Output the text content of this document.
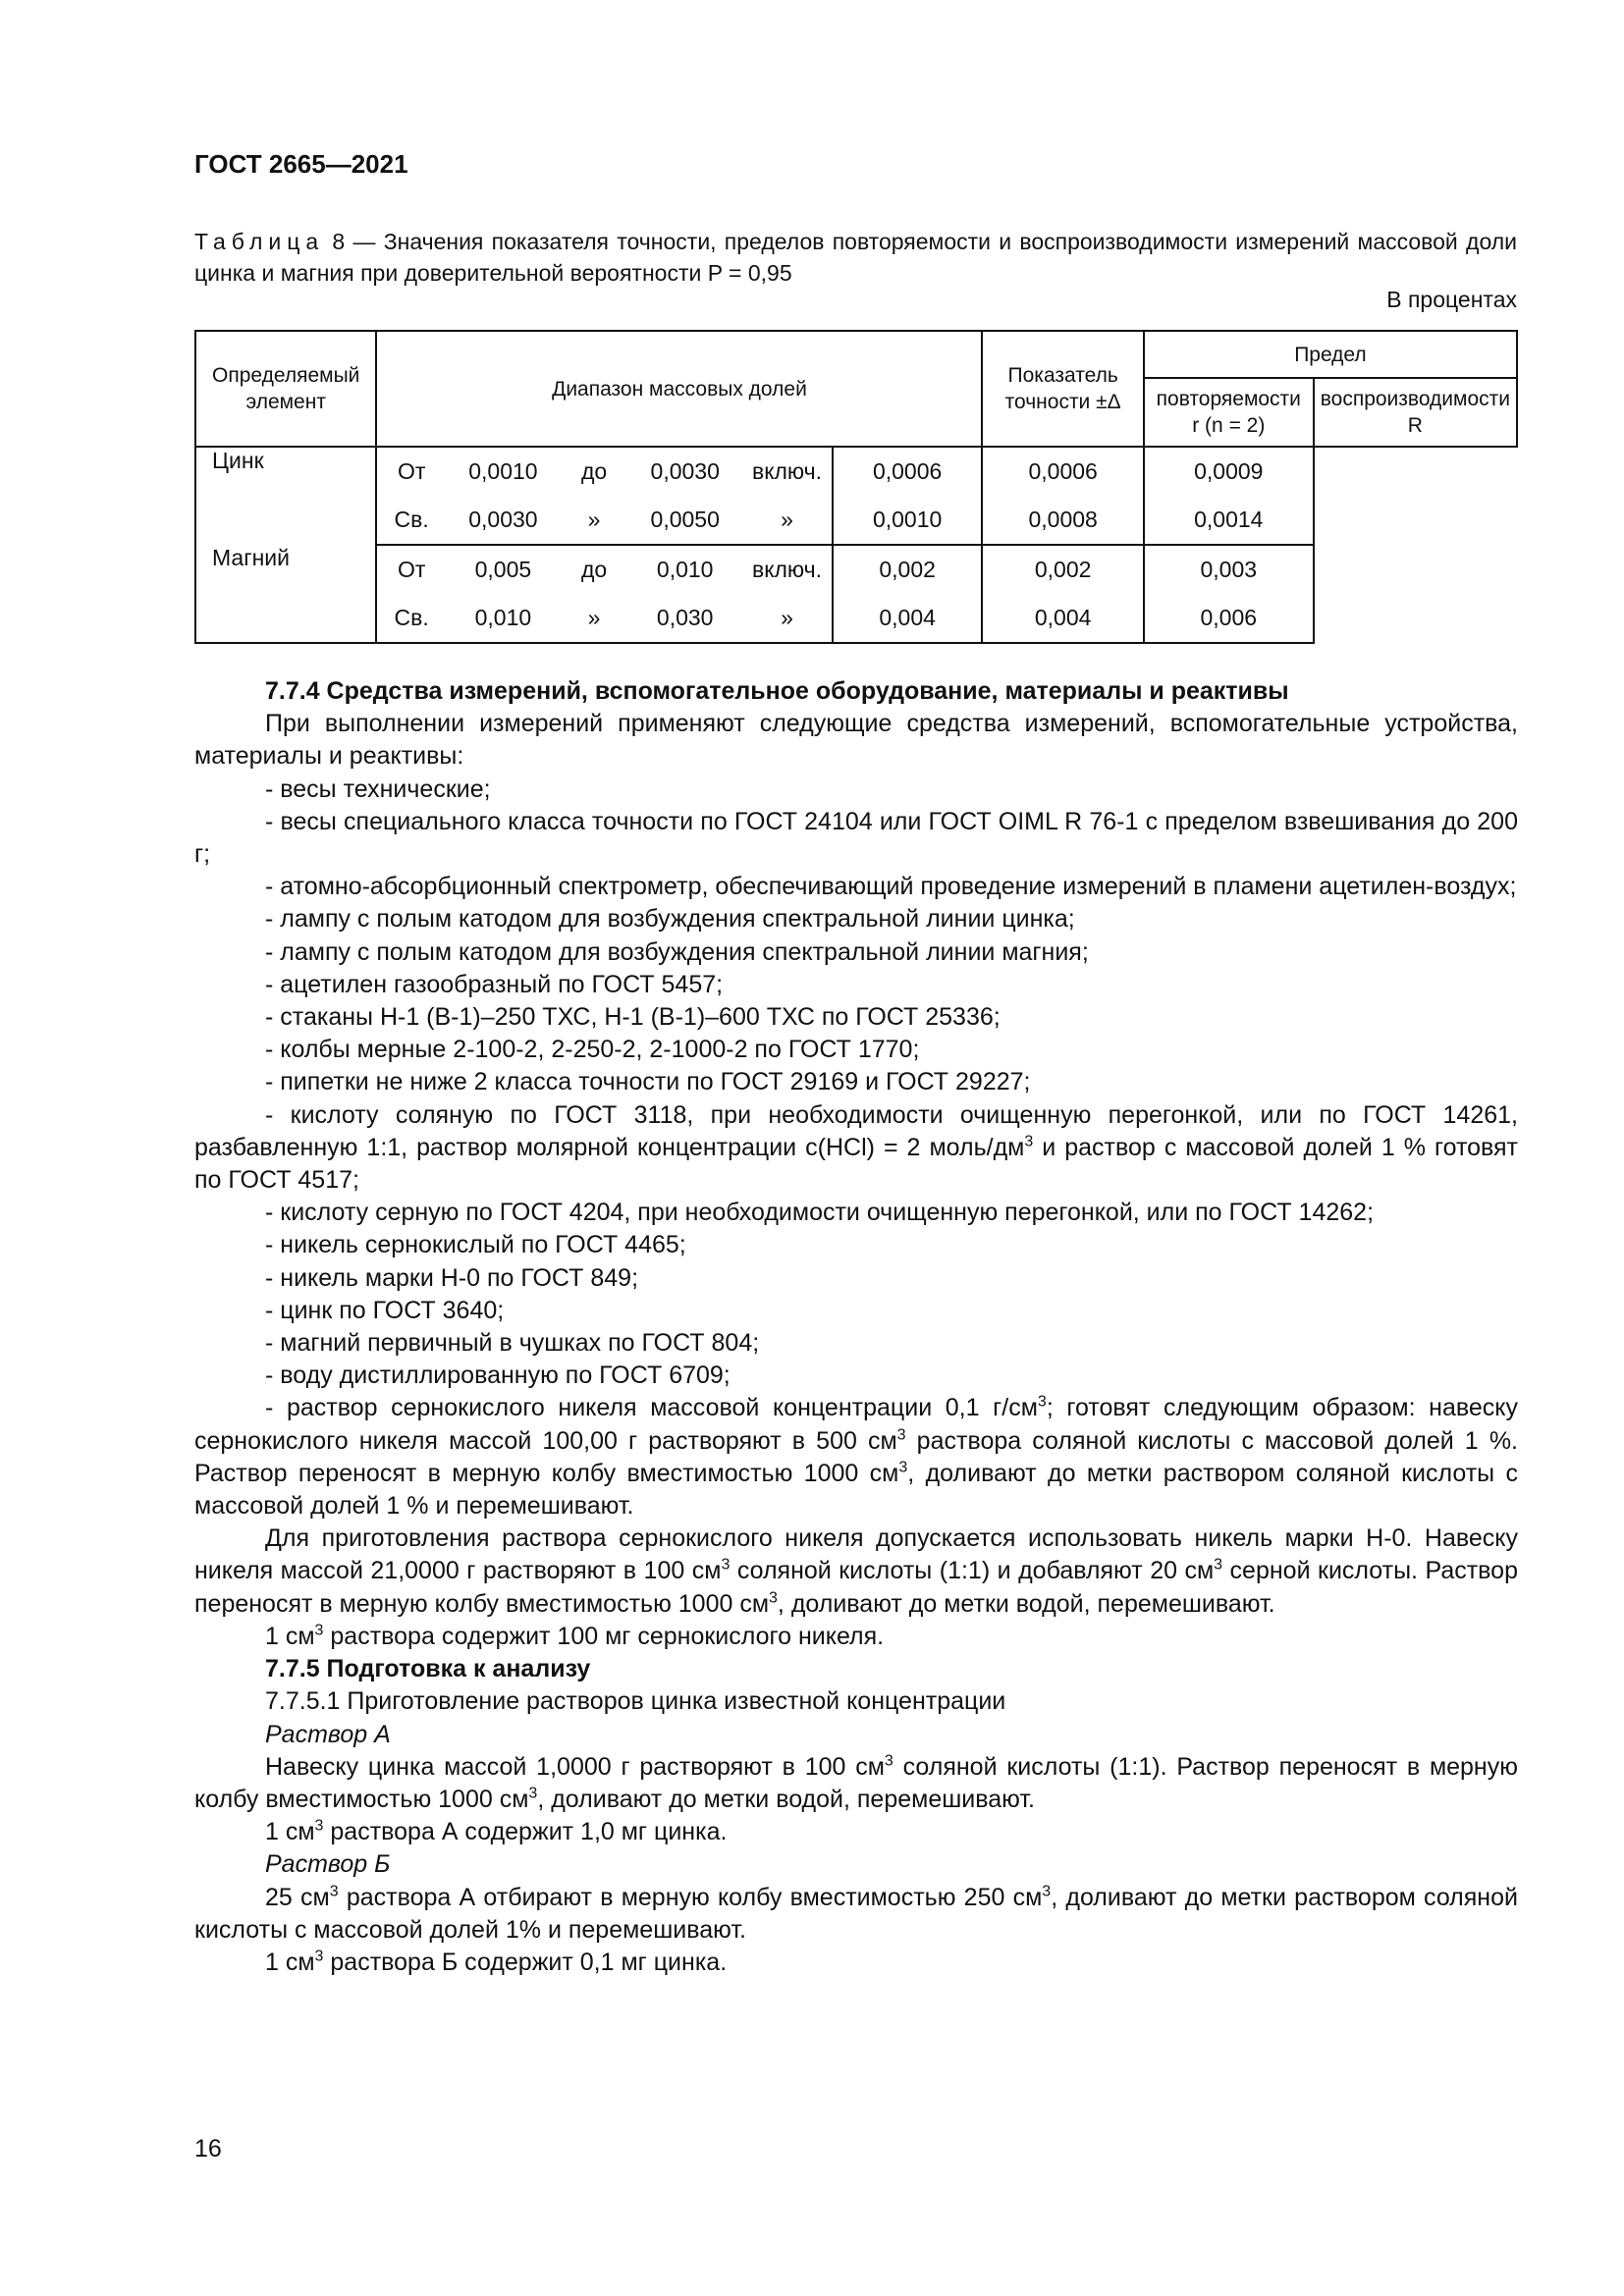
ГОСТ 2665—2021
Таблица 8 — Значения показателя точности, пределов повторяемости и воспроизводимости измерений массовой доли цинка и магния при доверительной вероятности P = 0,95
В процентах
Определяемый элемент	Диапазон массовых долей						Показатель точности ±Δ	Предел	
								повторяемости r (n = 2)	воспроизводимости R
Цинк	От	0,0010	до	0,0030	включ.	0,0006	0,0006	0,0009	
	Св.	0,0030	»	0,0050	»	0,0010	0,0008	0,0014	
Магний	От	0,005	до	0,010	включ.	0,002	0,002	0,003	
	Св.	0,010	»	0,030	»	0,004	0,004	0,006	

7.7.4 Средства измерений, вспомогательное оборудование, материалы и реактивы

При выполнении измерений применяют следующие средства измерений, вспомогательные устройства, материалы и реактивы:

- весы технические;

- весы специального класса точности по ГОСТ 24104 или ГОСТ OIML R 76-1 с пределом взвешивания до 200 г;

- атомно-абсорбционный спектрометр, обеспечивающий проведение измерений в пламени ацетилен-воздух;

- лампу с полым катодом для возбуждения спектральной линии цинка;

- лампу с полым катодом для возбуждения спектральной линии магния;

- ацетилен газообразный по ГОСТ 5457;

- стаканы Н-1 (В-1)–250 ТХС, Н-1 (В-1)–600 ТХС по ГОСТ 25336;

- колбы мерные 2-100-2, 2-250-2, 2-1000-2 по ГОСТ 1770;

- пипетки не ниже 2 класса точности по ГОСТ 29169 и ГОСТ 29227;

- кислоту соляную по ГОСТ 3118, при необходимости очищенную перегонкой, или по ГОСТ 14261, разбавленную 1:1, раствор молярной концентрации c(HCl) = 2 моль/$дм^3$ и раствор с массовой долей 1 % готовят по ГОСТ 4517;

- кислоту серную по ГОСТ 4204, при необходимости очищенную перегонкой, или по ГОСТ 14262;

- никель сернокислый по ГОСТ 4465;

- никель марки Н-0 по ГОСТ 849;

- цинк по ГОСТ 3640;

- магний первичный в чушках по ГОСТ 804;

- воду дистиллированную по ГОСТ 6709;

- раствор сернокислого никеля массовой концентрации 0,1 $г/см^3$; готовят следующим образом: навеску сернокислого никеля массой 100,00 г растворяют в 500 $см^3$ раствора соляной кислоты с массовой долей 1 %. Раствор переносят в мерную колбу вместимостью 1000 $см^3$, доливают до метки раствором соляной кислоты с массовой долей 1 % и перемешивают.

Для приготовления раствора сернокислого никеля допускается использовать никель марки Н-0. Навеску никеля массой 21,0000 г растворяют в 100 $см^3$ соляной кислоты (1:1) и добавляют 20 $см^3$ серной кислоты. Раствор переносят в мерную колбу вместимостью 1000 $см^3$, доливают до метки водой, перемешивают.

1 $см^3$ раствора содержит 100 мг сернокислого никеля.

7.7.5 Подготовка к анализу

7.7.5.1 Приготовление растворов цинка известной концентрации

Раствор А

Навеску цинка массой 1,0000 г растворяют в 100 $см^3$ соляной кислоты (1:1). Раствор переносят в мерную колбу вместимостью 1000 $см^3$, доливают до метки водой, перемешивают.

1 $см^3$ раствора А содержит 1,0 мг цинка.

Раствор Б

25 $см^3$ раствора А отбирают в мерную колбу вместимостью 250 $см^3$, доливают до метки раствором соляной кислоты с массовой долей 1% и перемешивают.

1 $см^3$ раствора Б содержит 0,1 мг цинка.

16
